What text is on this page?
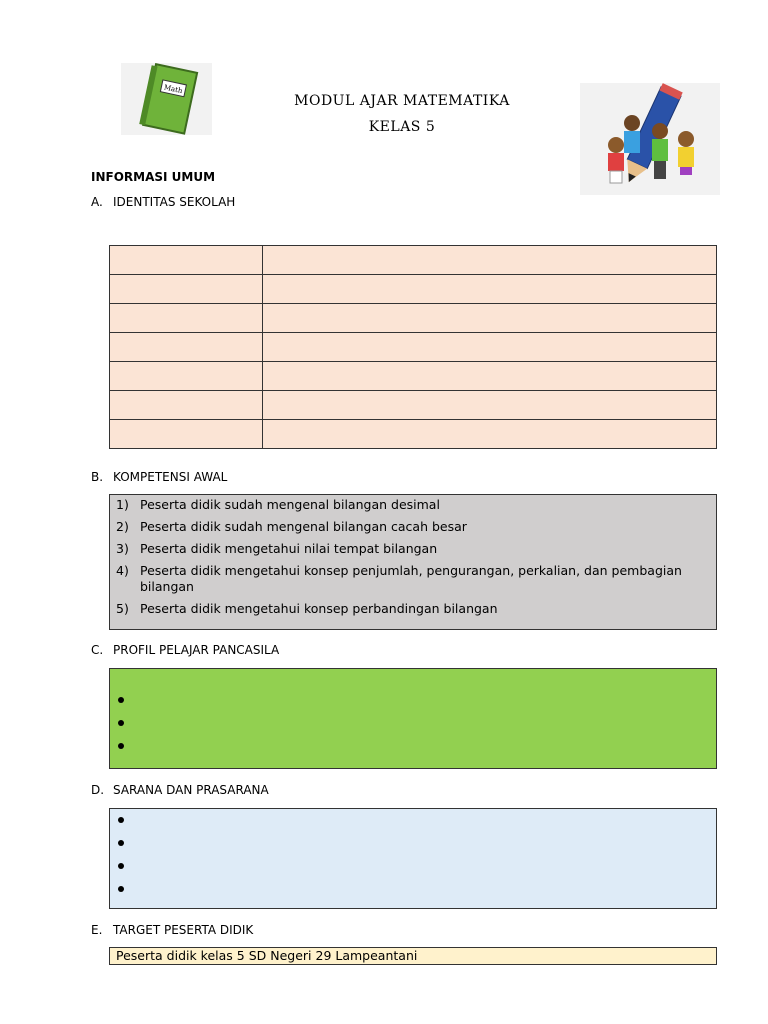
Math
MODUL AJAR MATEMATIKA
KELAS 5
INFORMASI UMUM
A. IDENTITAS SEKOLAH

B. KOMPETENSI AWAL
1) Peserta didik sudah mengenal bilangan desimal
2) Peserta didik sudah mengenal bilangan cacah besar
3) Peserta didik mengetahui nilai tempat bilangan
4) Peserta didik mengetahui konsep penjumlah, pengurangan, perkalian, dan pembagian bilangan
5) Peserta didik mengetahui konsep perbandingan bilangan
C. PROFIL PELAJAR PANCASILA
D. SARANA DAN PRASARANA
E. TARGET PESERTA DIDIK
Peserta didik kelas 5 SD Negeri 29 Lampeantani
